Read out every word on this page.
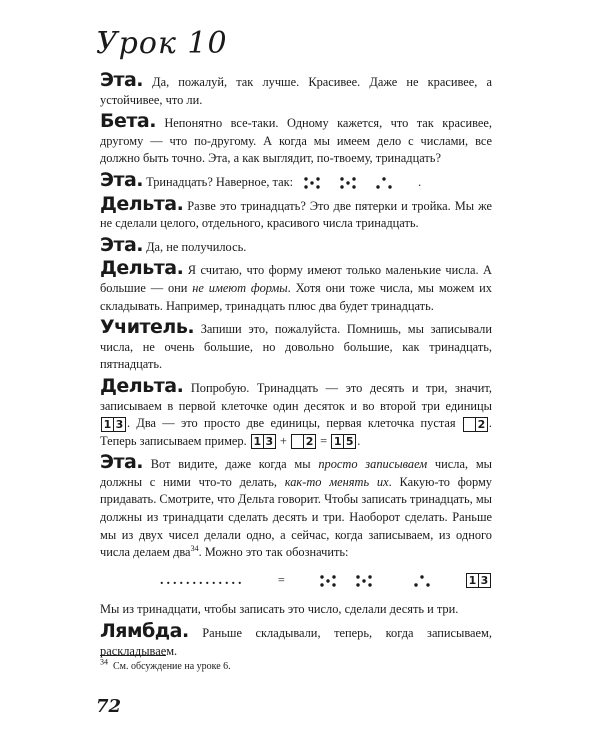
Урок 10

Эта. Да, пожалуй, так лучше. Красивее. Даже не красивее, а устойчивее, что ли.

Бета. Непонятно все-таки. Одному кажется, что так красивее, другому — что по-другому. А когда мы имеем дело с числами, все должно быть точно. Эта, а как выглядит, по-твоему, тринадцать?

Эта. Тринадцать? Наверное, так:	.

Дельта. Разве это тринадцать? Это две пятерки и тройка. Мы же не сделали целого, отдельного, красивого числа тринадцать.

Эта. Да, не получилось.

Дельта. Я считаю, что форму имеют только маленькие числа. А большие — они не имеют формы. Хотя они тоже числа, мы можем их складывать. Например, тринадцать плюс два будет тринадцать.

Учитель. Запиши это, пожалуйста. Помнишь, мы записывали числа, не очень большие, но довольно большие, как тринадцать, пятнадцать.

Дельта. Попробую. Тринадцать — это десять и три, значит, записываем в первой клеточке один десяток и во второй три единицы 1 3 . Два — это просто две единицы, первая клеточка пустая 2 . Теперь записываем пример. 1 3 + 2 = 1 5 .

Эта. Вот видите, даже когда мы просто записываем числа, мы должны с ними что-то делать, как-то менять их. Какую-то форму придавать. Смотрите, что Дельта говорит. Чтобы записать тринадцать, мы должны из тринадцати сделать десять и три. Наоборот сделать. Раньше мы из двух чисел делали одно, а сейчас, когда записываем, из одного числа делаем два$^{34}$. Можно это так обозначить:

.............	=	1 3

Мы из тринадцати, чтобы записать это число, сделали десять и три.

Лямбда. Раньше складывали, теперь, когда записываем, раскладываем.

$^{34}$ См. обсуждение на уроке 6.
72
